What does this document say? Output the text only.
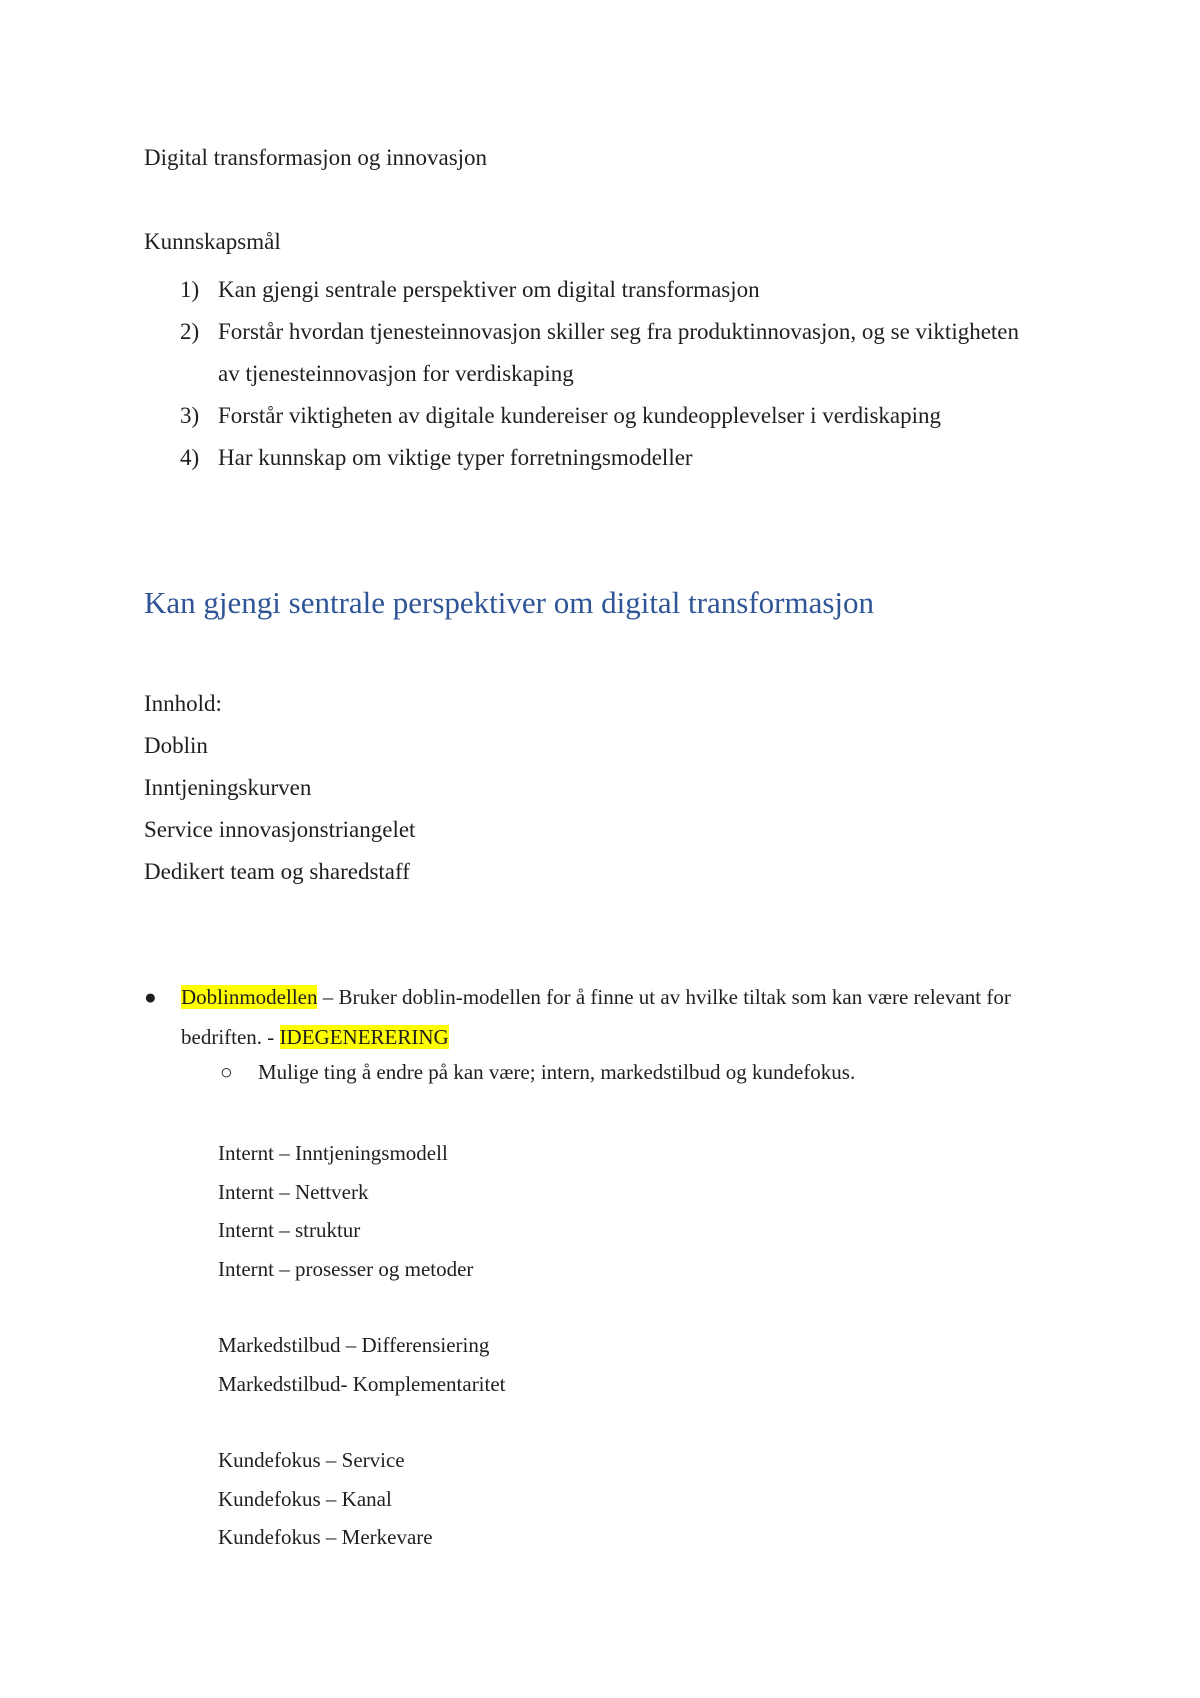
Digital transformasjon og innovasjon
Kunnskapsmål
1) Kan gjengi sentrale perspektiver om digital transformasjon
2) Forstår hvordan tjenesteinnovasjon skiller seg fra produktinnovasjon, og se viktigheten av tjenesteinnovasjon for verdiskaping
3) Forstår viktigheten av digitale kundereiser og kundeopplevelser i verdiskaping
4) Har kunnskap om viktige typer forretningsmodeller
Kan gjengi sentrale perspektiver om digital transformasjon
Innhold:
Doblin
Inntjeningskurven
Service innovasjonstriangelet
Dedikert team og sharedstaff
● Doblinmodellen – Bruker doblin-modellen for å finne ut av hvilke tiltak som kan være relevant for bedriften. - IDEGENERERING
○ Mulige ting å endre på kan være; intern, markedstilbud og kundefokus.
Internt – Inntjeningsmodell
Internt – Nettverk
Internt – struktur
Internt – prosesser og metoder
Markedstilbud – Differensiering
Markedstilbud- Komplementaritet
Kundefokus – Service
Kundefokus – Kanal
Kundefokus – Merkevare
